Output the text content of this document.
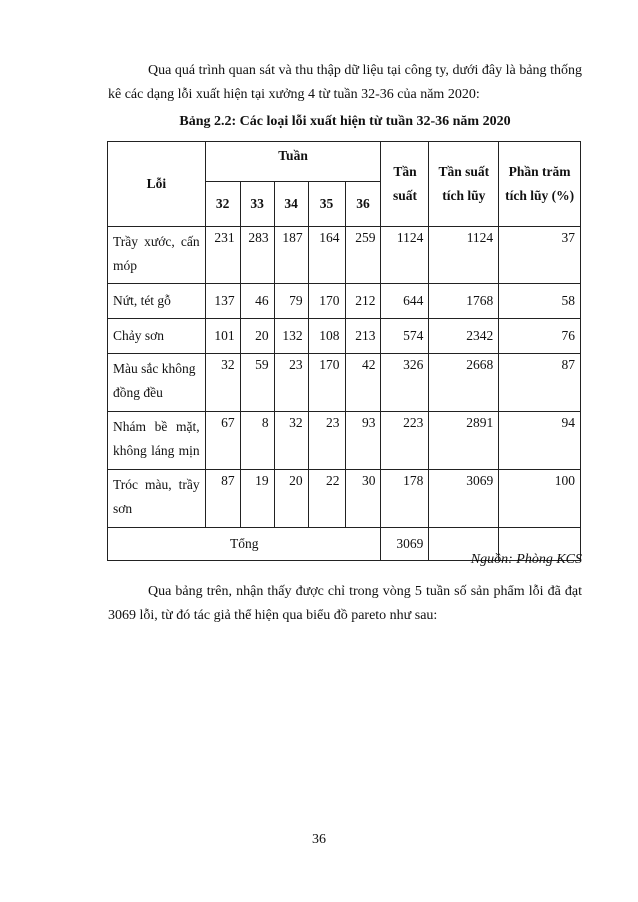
Qua quá trình quan sát và thu thập dữ liệu tại công ty, dưới đây là bảng thống kê các dạng lỗi xuất hiện tại xưởng 4 từ tuần 32-36 của năm 2020:

Bảng 2.2: Các loại lỗi xuất hiện từ tuần 32-36 năm 2020

Lỗi	Tuần					Tần suất	Tần suất tích lũy	Phần trăm tích lũy (%)
	32	33	34	35	36			
Trầy xước, cấn móp	231	283	187	164	259	1124	1124	37
Nứt, tét gỗ	137	46	79	170	212	644	1768	58
Chảy sơn	101	20	132	108	213	574	2342	76
Màu sắc không đồng đều	32	59	23	170	42	326	2668	87
Nhám bề mặt, không láng mịn	67	8	32	23	93	223	2891	94
Tróc màu, trầy sơn	87	19	20	22	30	178	3069	100
Tổng						3069		

Nguồn: Phòng KCS

Qua bảng trên, nhận thấy được chỉ trong vòng 5 tuần số sản phẩm lỗi đã đạt 3069 lỗi, từ đó tác giả thể hiện qua biểu đồ pareto như sau:

36
